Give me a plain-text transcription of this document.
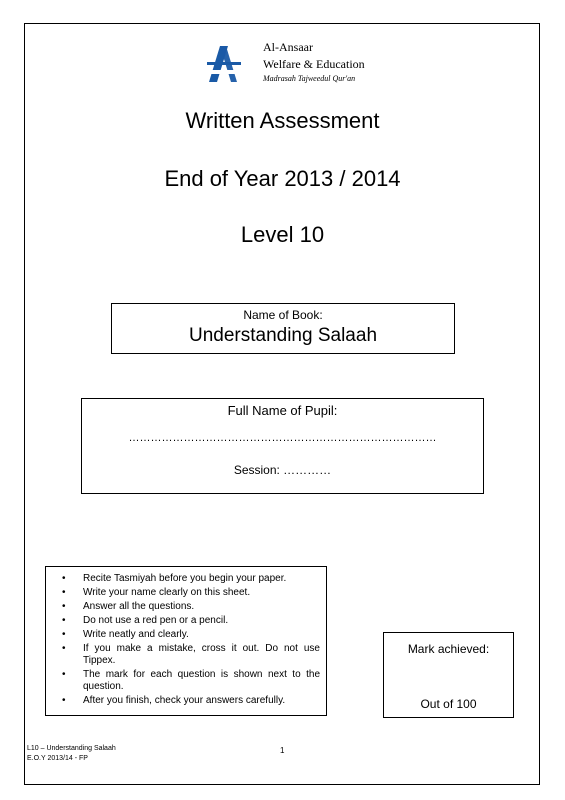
Al-Ansaar
Welfare & Education
Madrasah Tajweedul Qur'an
Written Assessment
End of Year 2013 / 2014
Level 10
Name of Book:
Understanding Salaah
Full Name of Pupil:
…………………………………………………………………………
Session: …………
• Recite Tasmiyah before you begin your paper.
• Write your name clearly on this sheet.
• Answer all the questions.
• Do not use a red pen or a pencil.
• Write neatly and clearly.
• If you make a mistake, cross it out. Do not use Tippex.
• The mark for each question is shown next to the question.
• After you finish, check your answers carefully.
Mark achieved:
Out of 100
L10 – Understanding Salaah
E.O.Y 2013/14 - FP
1
